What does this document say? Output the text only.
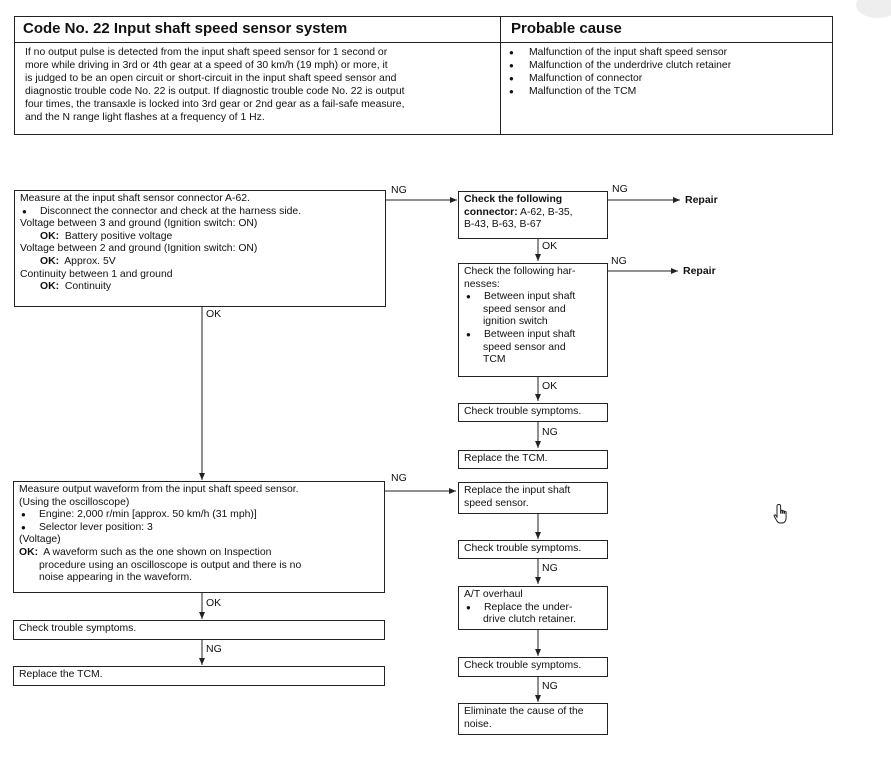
Code No. 22 Input shaft speed sensor system	Probable cause
If no output pulse is detected from the input shaft speed sensor for 1 second or
more while driving in 3rd or 4th gear at a speed of 30 km/h (19 mph) or more, it
is judged to be an open circuit or short-circuit in the input shaft speed sensor and
diagnostic trouble code No. 22 is output. If diagnostic trouble code No. 22 is output
four times, the transaxle is locked into 3rd gear or 2nd gear as a fail-safe measure,
and the N range light flashes at a frequency of 1 Hz.
● Malfunction of the input shaft speed sensor
● Malfunction of the underdrive clutch retainer
● Malfunction of connector
● Malfunction of the TCM
NG	NG
Repair
OK
NG
Repair
OK
NG
OK
NG
NG
NG
OK
NG
Measure at the input shaft sensor connector A-62.
● Disconnect the connector and check at the harness side.
Voltage between 3 and ground (Ignition switch: ON)
OK: Battery positive voltage
Voltage between 2 and ground (Ignition switch: ON)
OK: Approx. 5V
Continuity between 1 and ground
OK: Continuity
Check the following
connector: A-62, B-35,
B-43, B-63, B-67
Check the following har-
nesses:
● Between input shaft
speed sensor and
ignition switch
● Between input shaft
speed sensor and
TCM
Check trouble symptoms.
Replace the TCM.
Measure output waveform from the input shaft speed sensor.
(Using the oscilloscope)
● Engine: 2,000 r/min [approx. 50 km/h (31 mph)]
● Selector lever position: 3
(Voltage)
OK: A waveform such as the one shown on Inspection
procedure using an oscilloscope is output and there is no
noise appearing in the waveform.
Replace the input shaft
speed sensor.
Check trouble symptoms.
A/T overhaul
● Replace the under-
drive clutch retainer.
Check trouble symptoms.
Eliminate the cause of the
noise.
Check trouble symptoms.
Replace the TCM.
